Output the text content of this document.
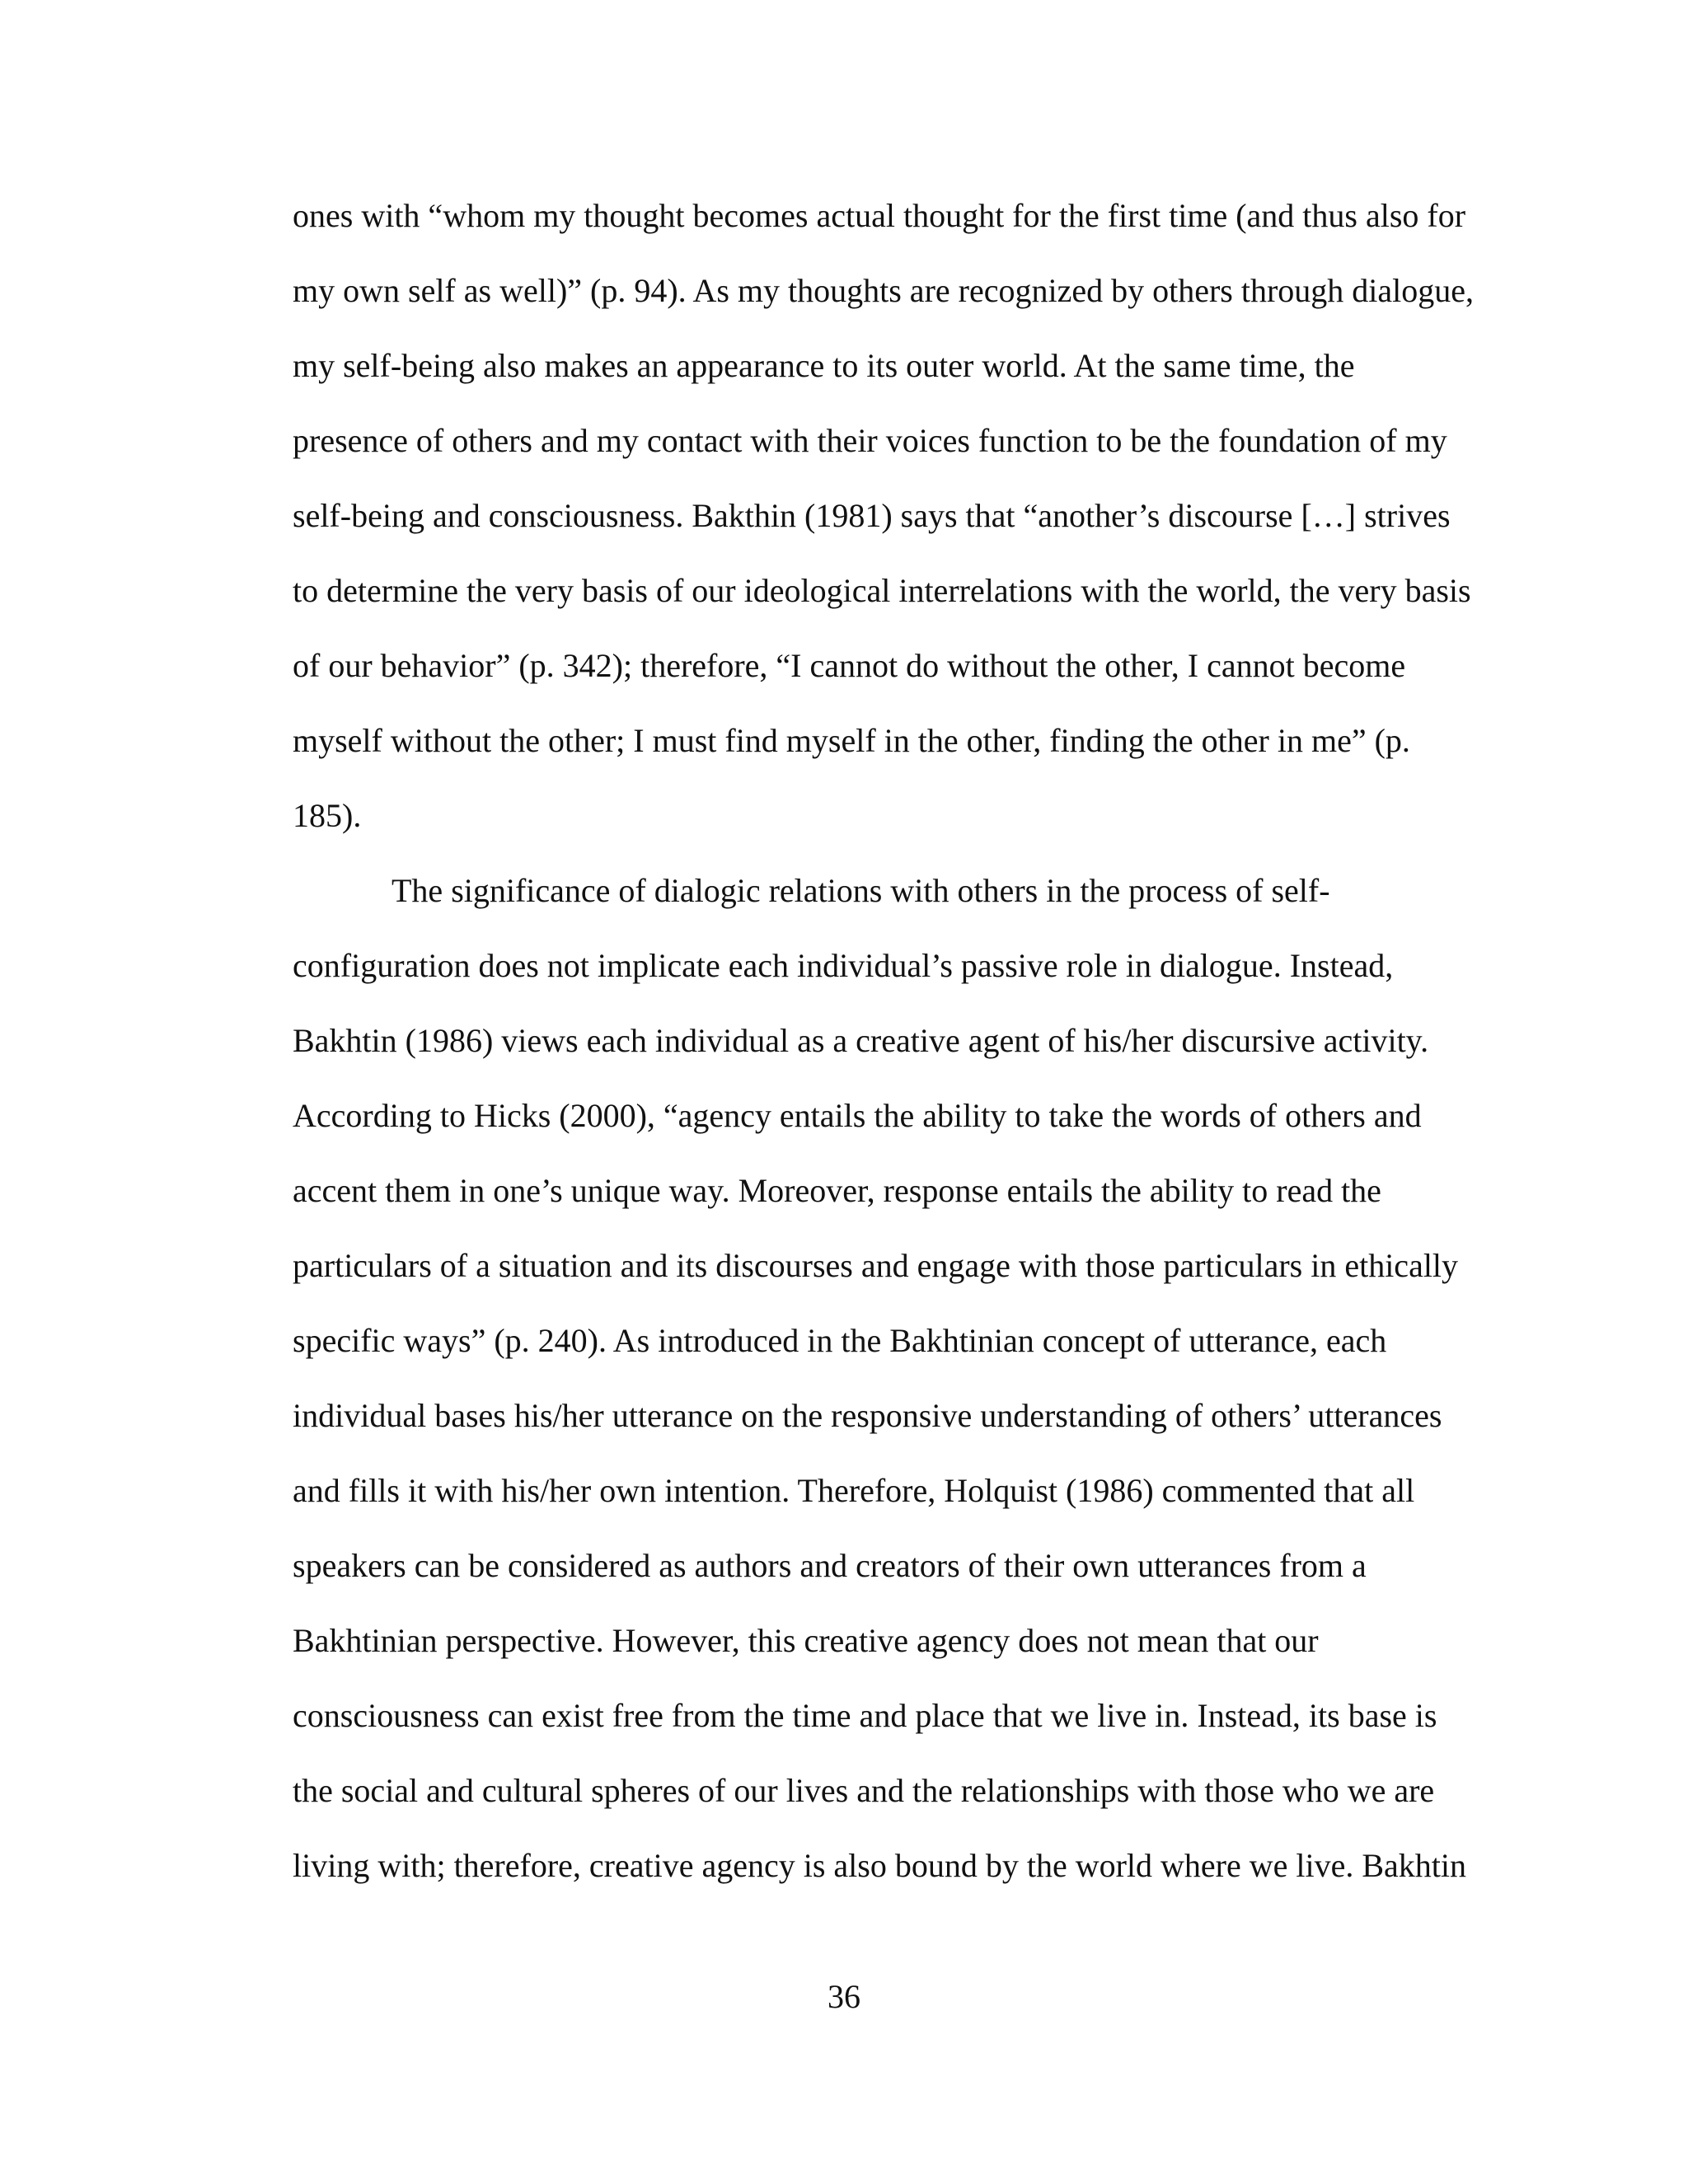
ones with “whom my thought becomes actual thought for the first time (and thus also for
my own self as well)” (p. 94). As my thoughts are recognized by others through dialogue,
my self-being also makes an appearance to its outer world. At the same time, the
presence of others and my contact with their voices function to be the foundation of my
self-being and consciousness. Bakthin (1981) says that “another’s discourse […] strives
to determine the very basis of our ideological interrelations with the world, the very basis
of our behavior” (p. 342); therefore, “I cannot do without the other, I cannot become
myself without the other; I must find myself in the other, finding the other in me” (p.
185).
The significance of dialogic relations with others in the process of self-
configuration does not implicate each individual’s passive role in dialogue. Instead,
Bakhtin (1986) views each individual as a creative agent of his/her discursive activity.
According to Hicks (2000), “agency entails the ability to take the words of others and
accent them in one’s unique way. Moreover, response entails the ability to read the
particulars of a situation and its discourses and engage with those particulars in ethically
specific ways” (p. 240). As introduced in the Bakhtinian concept of utterance, each
individual bases his/her utterance on the responsive understanding of others’ utterances
and fills it with his/her own intention. Therefore, Holquist (1986) commented that all
speakers can be considered as authors and creators of their own utterances from a
Bakhtinian perspective. However, this creative agency does not mean that our
consciousness can exist free from the time and place that we live in. Instead, its base is
the social and cultural spheres of our lives and the relationships with those who we are
living with; therefore, creative agency is also bound by the world where we live. Bakhtin
36
